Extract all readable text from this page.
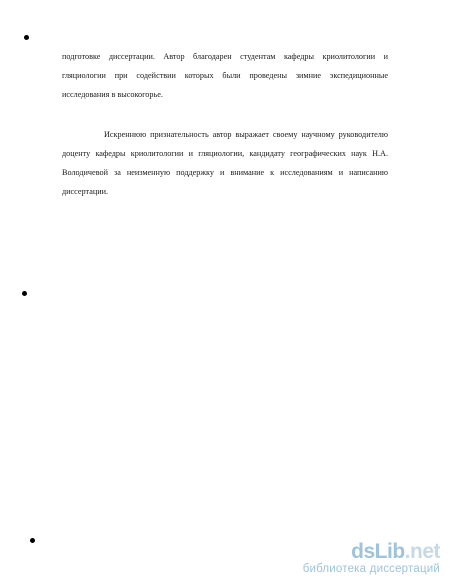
подготовке диссертации. Автор благодарен студентам кафедры криолитологии и
гляциологии при содействии которых были проведены зимние экспедиционные
исследования в высокогорье.
Искреннюю признательность автор выражает своему научному руководителю
доценту кафедры криолитологии и гляциологии, кандидату географических наук Н.А.
Володичевой за неизменную поддержку и внимание к исследованиям и написанию
диссертации.
dsLib.net
библиотека диссертаций
